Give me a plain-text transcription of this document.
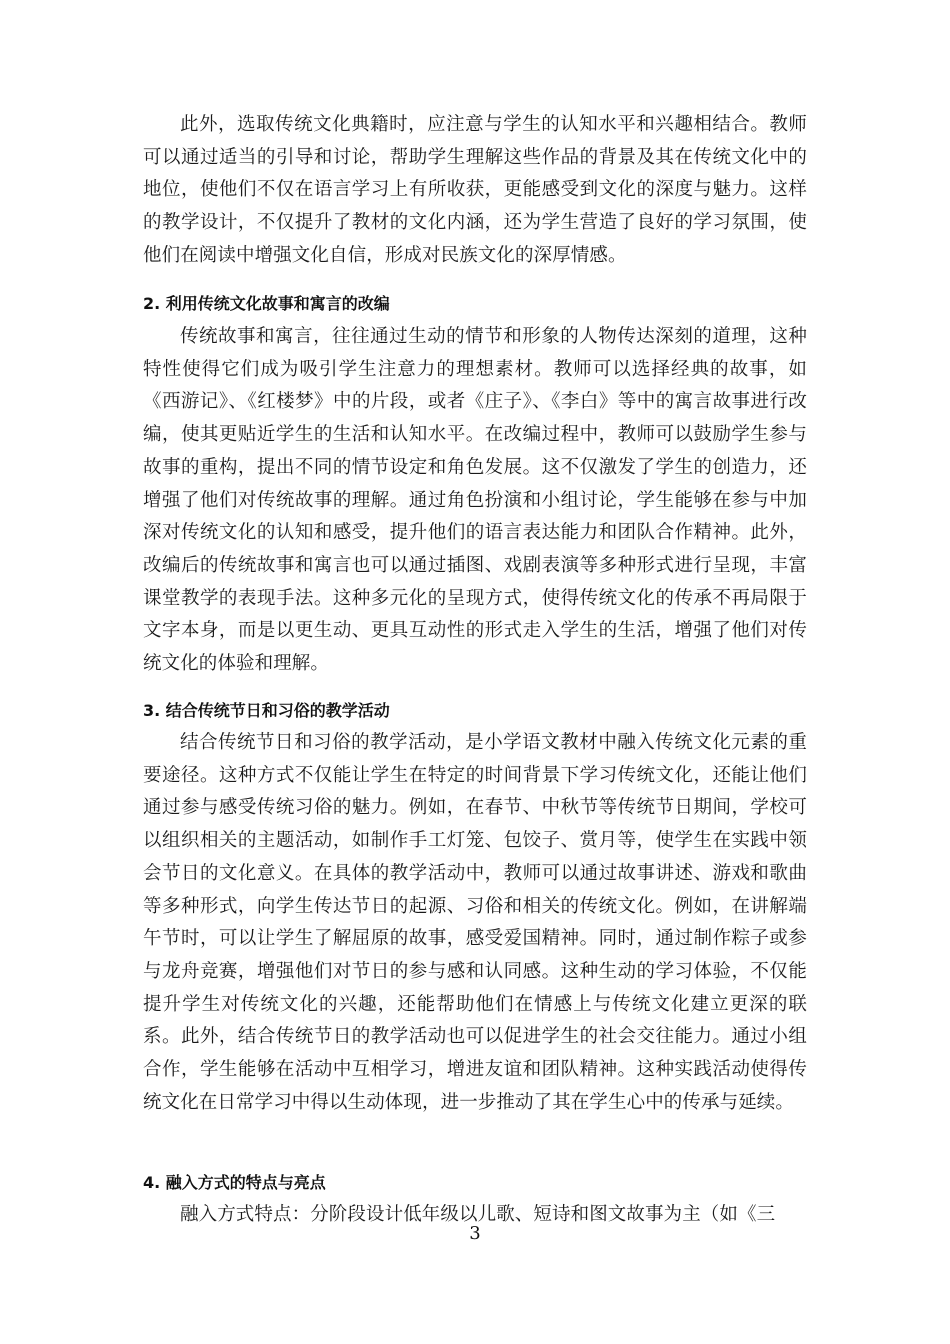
此外，选取传统文化典籍时，应注意与学生的认知水平和兴趣相结合。教师可以通过适当的引导和讨论，帮助学生理解这些作品的背景及其在传统文化中的地位，使他们不仅在语言学习上有所收获，更能感受到文化的深度与魅力。这样的教学设计，不仅提升了教材的文化内涵，还为学生营造了良好的学习氛围，使他们在阅读中增强文化自信，形成对民族文化的深厚情感。

2. 利用传统文化故事和寓言的改编

传统故事和寓言，往往通过生动的情节和形象的人物传达深刻的道理，这种特性使得它们成为吸引学生注意力的理想素材。教师可以选择经典的故事，如《西游记》、《红楼梦》中的片段，或者《庄子》、《李白》等中的寓言故事进行改编，使其更贴近学生的生活和认知水平。在改编过程中，教师可以鼓励学生参与故事的重构，提出不同的情节设定和角色发展。这不仅激发了学生的创造力，还增强了他们对传统故事的理解。通过角色扮演和小组讨论，学生能够在参与中加深对传统文化的认知和感受，提升他们的语言表达能力和团队合作精神。此外，改编后的传统故事和寓言也可以通过插图、戏剧表演等多种形式进行呈现，丰富课堂教学的表现手法。这种多元化的呈现方式，使得传统文化的传承不再局限于文字本身，而是以更生动、更具互动性的形式走入学生的生活，增强了他们对传统文化的体验和理解。

3. 结合传统节日和习俗的教学活动

结合传统节日和习俗的教学活动，是小学语文教材中融入传统文化元素的重要途径。这种方式不仅能让学生在特定的时间背景下学习传统文化，还能让他们通过参与感受传统习俗的魅力。例如，在春节、中秋节等传统节日期间，学校可以组织相关的主题活动，如制作手工灯笼、包饺子、赏月等，使学生在实践中领会节日的文化意义。在具体的教学活动中，教师可以通过故事讲述、游戏和歌曲等多种形式，向学生传达节日的起源、习俗和相关的传统文化。例如，在讲解端午节时，可以让学生了解屈原的故事，感受爱国精神。同时，通过制作粽子或参与龙舟竞赛，增强他们对节日的参与感和认同感。这种生动的学习体验，不仅能提升学生对传统文化的兴趣，还能帮助他们在情感上与传统文化建立更深的联系。此外，结合传统节日的教学活动也可以促进学生的社会交往能力。通过小组合作，学生能够在活动中互相学习，增进友谊和团队精神。这种实践活动使得传统文化在日常学习中得以生动体现，进一步推动了其在学生心中的传承与延续。

4. 融入方式的特点与亮点

融入方式特点：分阶段设计低年级以儿歌、短诗和图文故事为主（如《三

3
